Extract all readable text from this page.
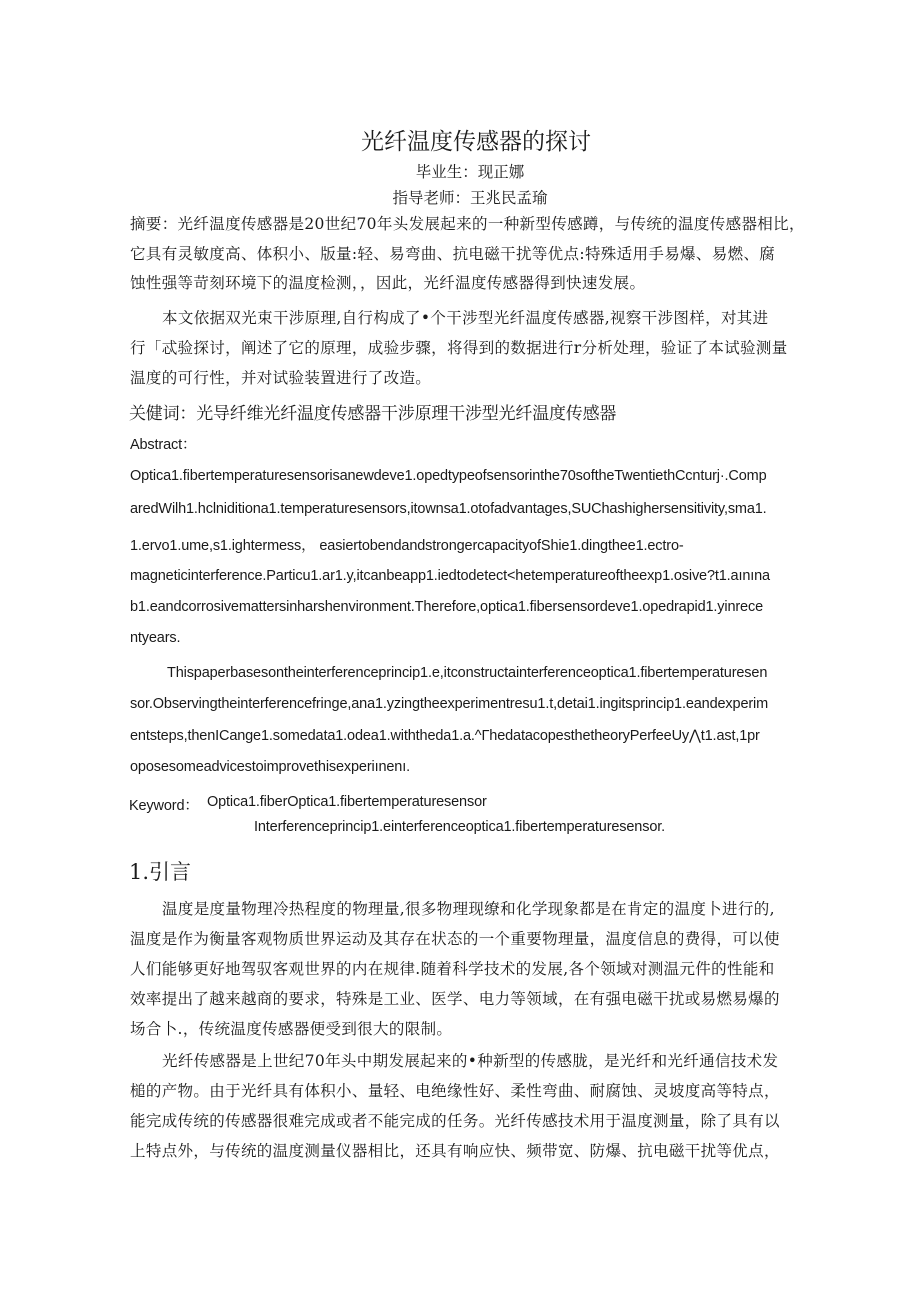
光纤温度传感器的探讨
毕业生：现正娜
指导老师：王兆民孟瑜
摘要：光纤温度传感器是20世纪70年头发展起来的一种新型传感蹲，与传统的温度传感器相比，
它具有灵敏度高、体积小、版量:轻、易弯曲、抗电磁干扰等优点:特殊适用手易爆、易燃、腐
蚀性强等苛刻环境下的温度检测，，因此，光纤温度传感器得到快速发展。
本文依据双光束干涉原理,自行构成了•个干涉型光纤温度传感器,视察干涉图样，对其进
行「忒验探讨，阐述了它的原理，成验步骤，将得到的数据进行r分析处理，验证了本试验测量
温度的可行性，并对试验装置进行了改造。
关健词：光导纤维光纤温度传感器干涉原理干涉型光纤温度传感器
Abstract：
Optica1.fibertemperaturesensorisanewdeve1.opedtypeofsensorinthe70softheTwentiethCcnturj·.Comp
aredWilh1.hclniditiona1.temperaturesensors,itownsa1.otofadvantages,SUChashighersensitivity,sma1.
1.ervo1.ume,s1.ightermess， easiertobendandstrongercapacityofShie1.dingthee1.ectro-
magneticinterference.Particu1.ar1.y,itcanbeapp1.iedtodetect<hetemperatureoftheexp1.osive?t1.aınına
b1.eandcorrosivemattersinharshenvironment.Therefore,optica1.fibersensordeve1.opedrapid1.yinrece
ntyears.
Thispaperbasesontheinterferenceprincip1.e,itconstructainterferenceoptica1.fibertemperaturesen
sor.Observingtheinterferencefringe,ana1.yzingtheexperimentresu1.t,detai1.ingitsprincip1.eandexperim
entsteps,thenICange1.somedata1.odea1.withtheda1.a.^ΓhedatacopesthetheoryPerfeeUy⋀t1.ast,1pr
oposesomeadvicestoimprovethisexperiınenı.
Keyword： Optica1.fiberOptica1.fibertemperaturesensor
Interferenceprincip1.einterferenceoptica1.fibertemperaturesensor.
1.引言
温度是度量物理冷热程度的物理量,很多物理现缭和化学现象都是在肯定的温度卜进行的,
温度是作为衡量客观物质世界运动及其存在状态的一个重要物理量，温度信息的费得，可以使
人们能够更好地驾驭客观世界的内在规律.随着科学技术的发展,各个领域对测温元件的性能和
效率提出了越来越商的要求，特殊是工业、医学、电力等领域，在有强电磁干扰或易燃易爆的
场合卜.，传统温度传感器便受到很大的限制。
光纤传感器是上世纪70年头中期发展起来的•种新型的传感胧，是光纤和光纤通信技术发
槌的产物。由于光纤具有体积小、量轻、电绝缘性好、柔性弯曲、耐腐蚀、灵坡度高等特点，
能完成传统的传感器很难完成或者不能完成的任务。光纤传感技术用于温度测量，除了具有以
上特点外，与传统的温度测量仪器相比，还具有响应快、频带宽、防爆、抗电磁干扰等优点，
